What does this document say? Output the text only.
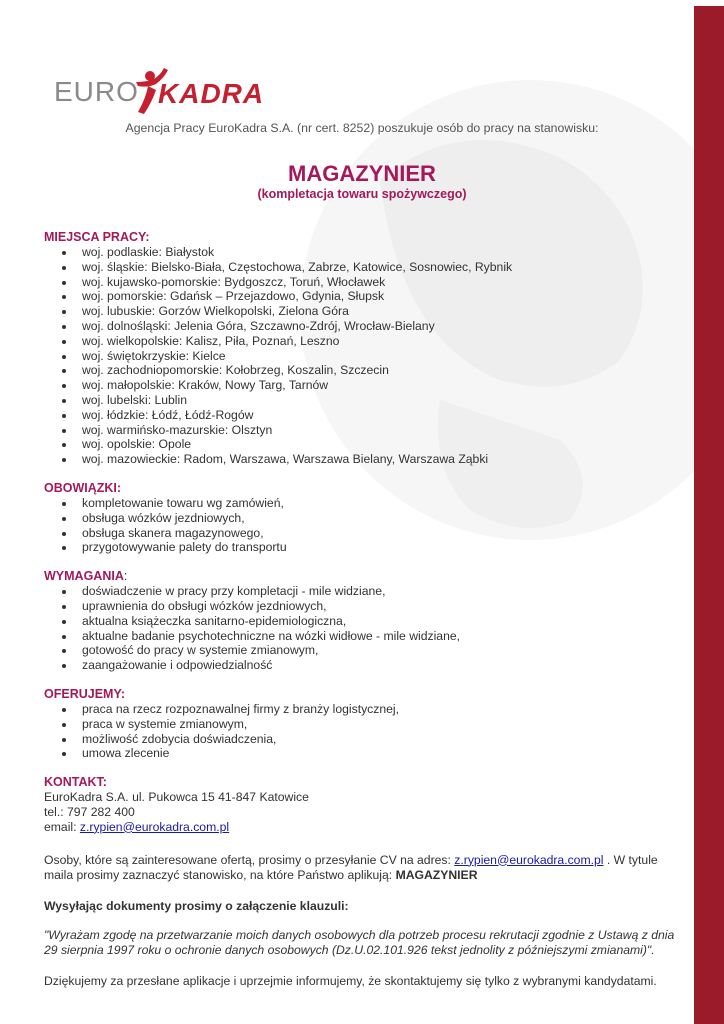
EURO KADRA
Agencja Pracy EuroKadra S.A. (nr cert. 8252) poszukuje osób do pracy na stanowisku:
MAGAZYNIER
(kompletacja towaru spożywczego)
MIEJSCA PRACY:
woj. podlaskie: Białystok
woj. śląskie: Bielsko-Biała, Częstochowa, Zabrze, Katowice, Sosnowiec, Rybnik
woj. kujawsko-pomorskie: Bydgoszcz, Toruń, Włocławek
woj. pomorskie: Gdańsk – Przejazdowo, Gdynia, Słupsk
woj. lubuskie: Gorzów Wielkopolski, Zielona Góra
woj. dolnośląski: Jelenia Góra, Szczawno-Zdrój, Wrocław-Bielany
woj. wielkopolskie: Kalisz, Piła, Poznań, Leszno
woj. świętokrzyskie: Kielce
woj. zachodniopomorskie: Kołobrzeg, Koszalin, Szczecin
woj. małopolskie: Kraków, Nowy Targ, Tarnów
woj. lubelski: Lublin
woj. łódzkie: Łódź, Łódź-Rogów
woj. warmińsko-mazurskie: Olsztyn
woj. opolskie: Opole
woj. mazowieckie: Radom, Warszawa, Warszawa Bielany, Warszawa Ząbki
OBOWIĄZKI:
kompletowanie towaru wg zamówień,
obsługa wózków jezdniowych,
obsługa skanera magazynowego,
przygotowywanie palety do transportu
WYMAGANIA:
doświadczenie w pracy przy kompletacji - mile widziane,
uprawnienia do obsługi wózków jezdniowych,
aktualna książeczka sanitarno-epidemiologiczna,
aktualne badanie psychotechniczne na wózki widłowe - mile widziane,
gotowość do pracy w systemie zmianowym,
zaangażowanie i odpowiedzialność
OFERUJEMY:
praca na rzecz rozpoznawalnej firmy z branży logistycznej,
praca w systemie zmianowym,
możliwość zdobycia doświadczenia,
umowa zlecenie
KONTAKT:
EuroKadra S.A. ul. Pukowca 15 41-847 Katowice
tel.: 797 282 400
email: z.rypien@eurokadra.com.pl
Osoby, które są zainteresowane ofertą, prosimy o przesyłanie CV na adres: z.rypien@eurokadra.com.pl . W tytule maila prosimy zaznaczyć stanowisko, na które Państwo aplikują: MAGAZYNIER
Wysyłając dokumenty prosimy o załączenie klauzuli:
"Wyrażam zgodę na przetwarzanie moich danych osobowych dla potrzeb procesu rekrutacji zgodnie z Ustawą z dnia 29 sierpnia 1997 roku o ochronie danych osobowych (Dz.U.02.101.926 tekst jednolity z późniejszymi zmianami)".
Dziękujemy za przesłane aplikacje i uprzejmie informujemy, że skontaktujemy się tylko z wybranymi kandydatami.
